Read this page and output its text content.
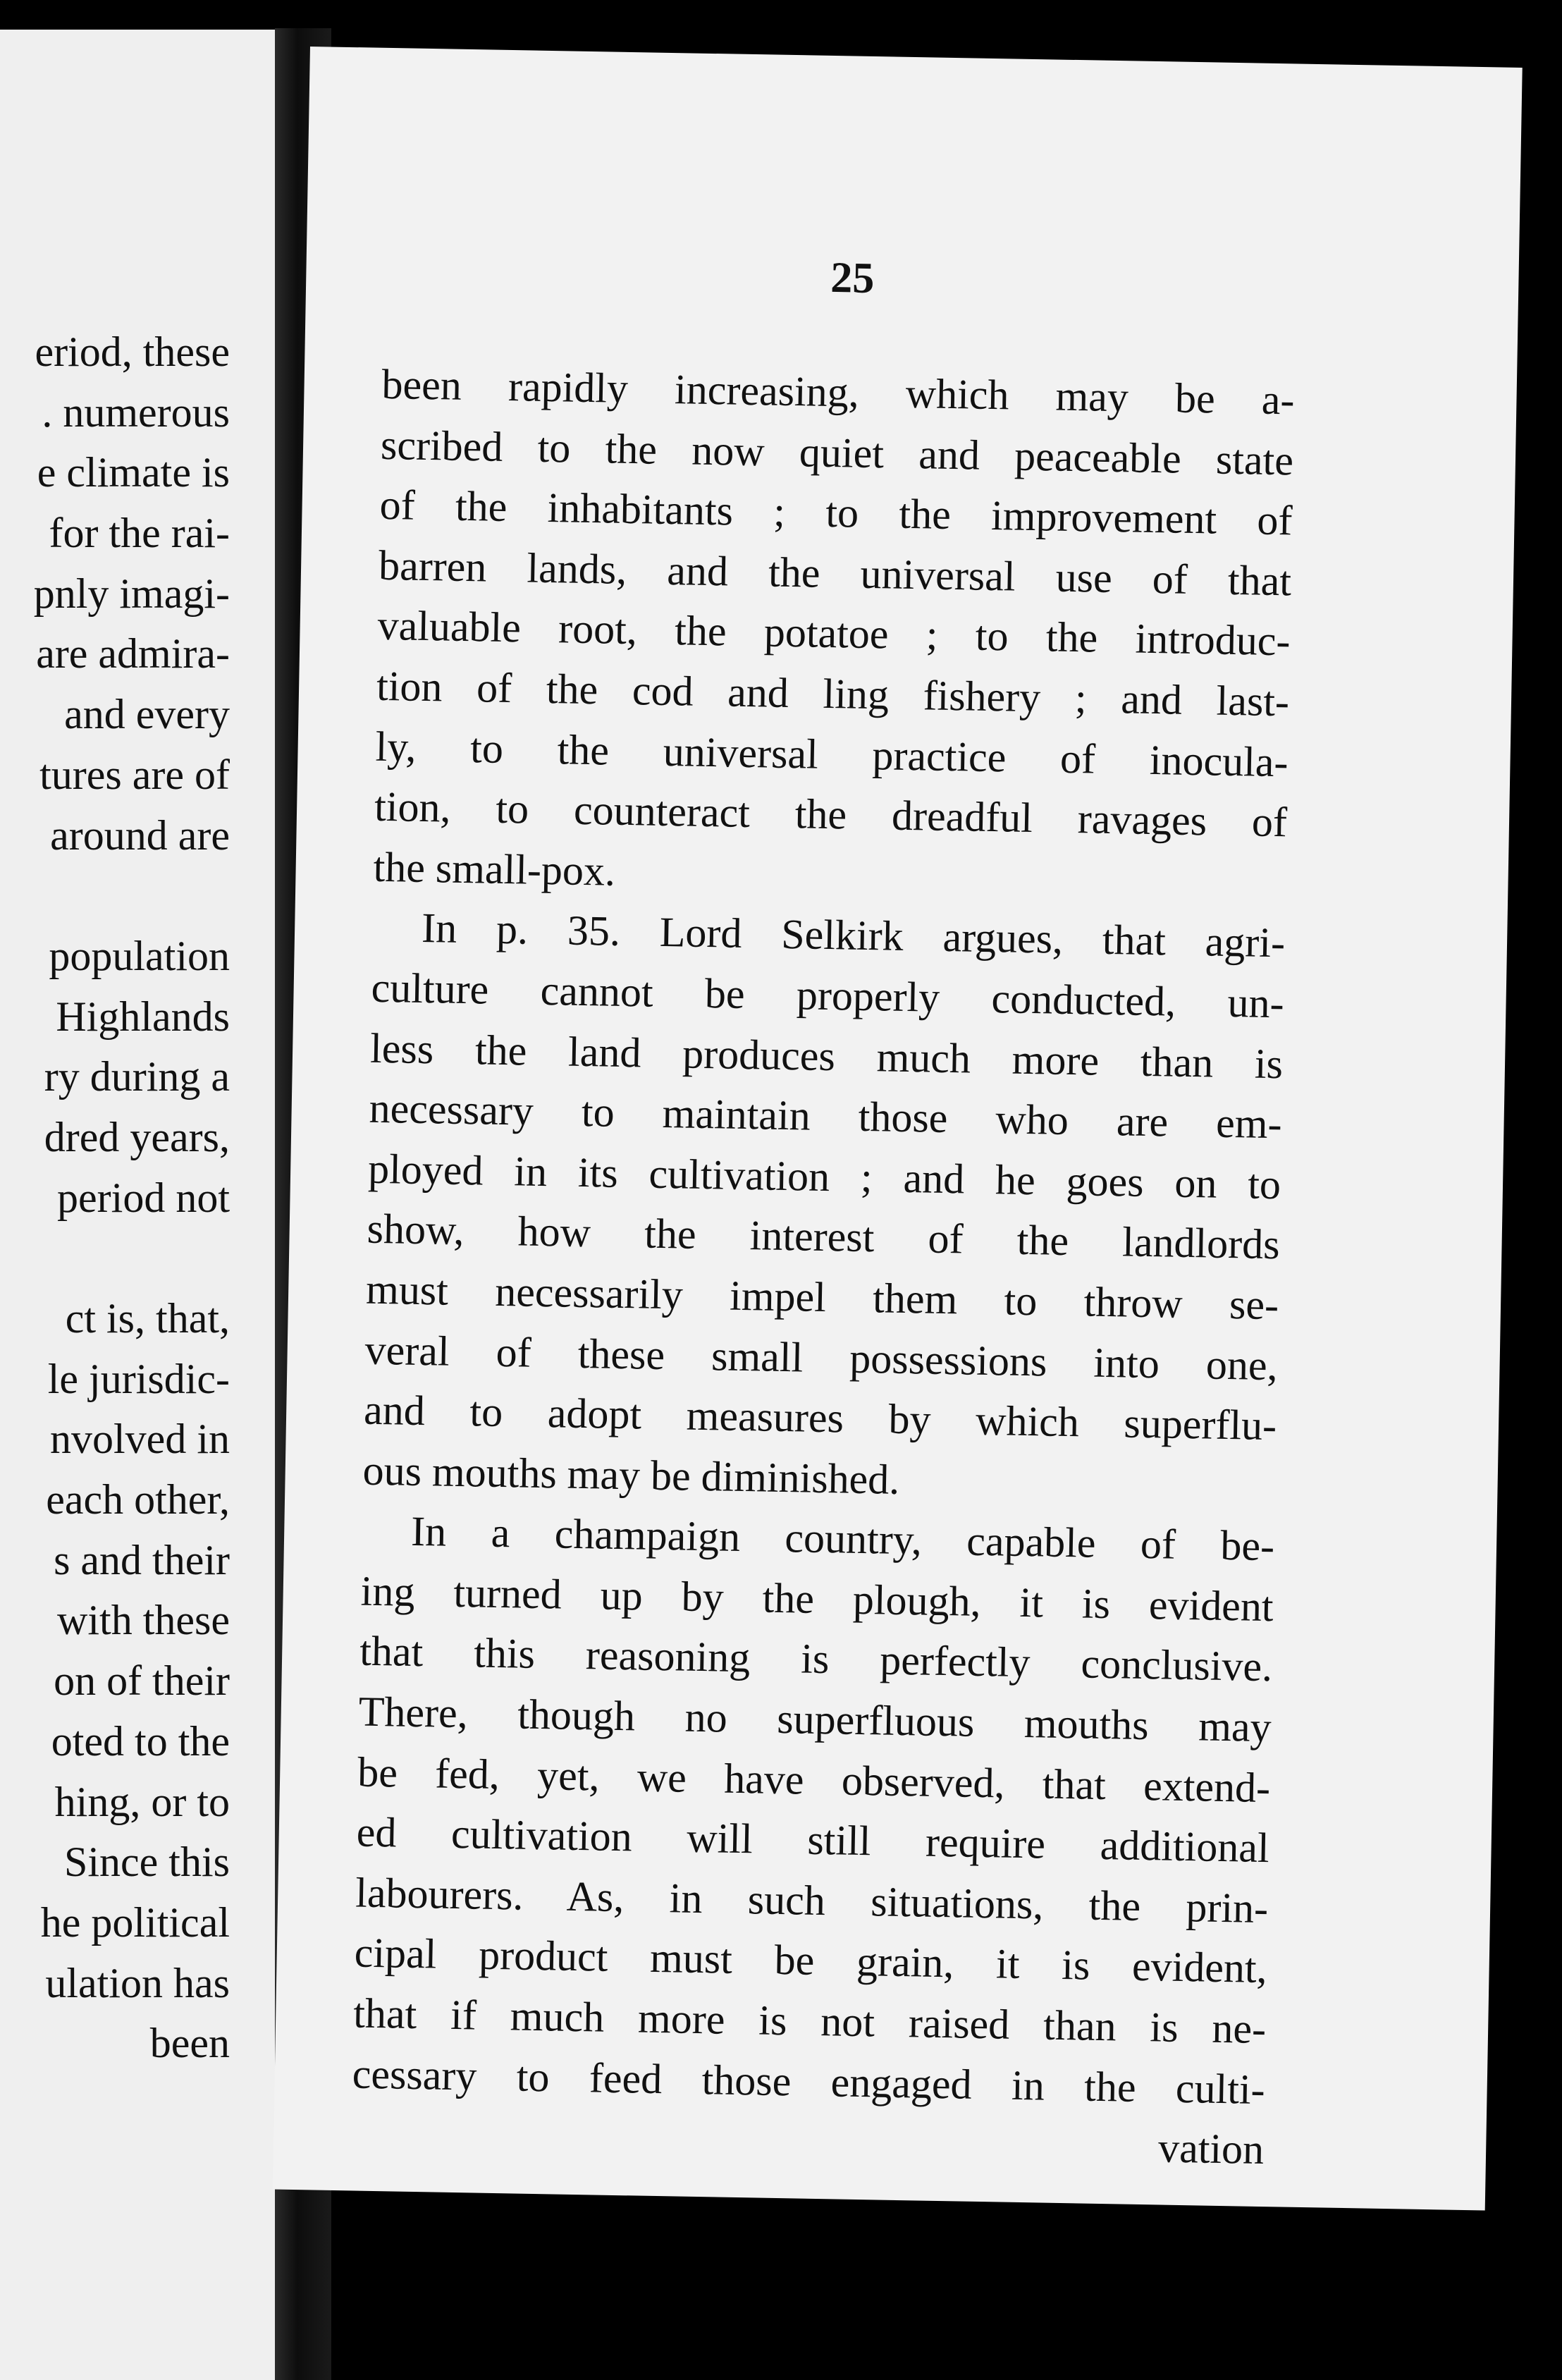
eriod, these
. numerous
e climate is
for the rai-
pnly imagi-
are admira-
and every
tures are of
around are
population
Highlands
ry during a
dred years,
period not
ct is, that,
le jurisdic-
nvolved in
each other,
s and their
with these
on of their
oted to the
hing, or to
Since this
he political
ulation has
been
25
been rapidly increasing, which may be a-
scribed to the now quiet and peaceable state
of the inhabitants ; to the improvement of
barren lands, and the universal use of that
valuable root, the potatoe ; to the introduc-
tion of the cod and ling fishery ; and last-
ly, to the universal practice of inocula-
tion, to counteract the dreadful ravages of
the small-pox.
In p. 35. Lord Selkirk argues, that agri-
culture cannot be properly conducted, un-
less the land produces much more than is
necessary to maintain those who are em-
ployed in its cultivation ; and he goes on to
show, how the interest of the landlords
must necessarily impel them to throw se-
veral of these small possessions into one,
and to adopt measures by which superflu-
ous mouths may be diminished.
In a champaign country, capable of be-
ing turned up by the plough, it is evident
that this reasoning is perfectly conclusive.
There, though no superfluous mouths may
be fed, yet, we have observed, that extend-
ed cultivation will still require additional
labourers. As, in such situations, the prin-
cipal product must be grain, it is evident,
that if much more is not raised than is ne-
cessary to feed those engaged in the culti-
vation
